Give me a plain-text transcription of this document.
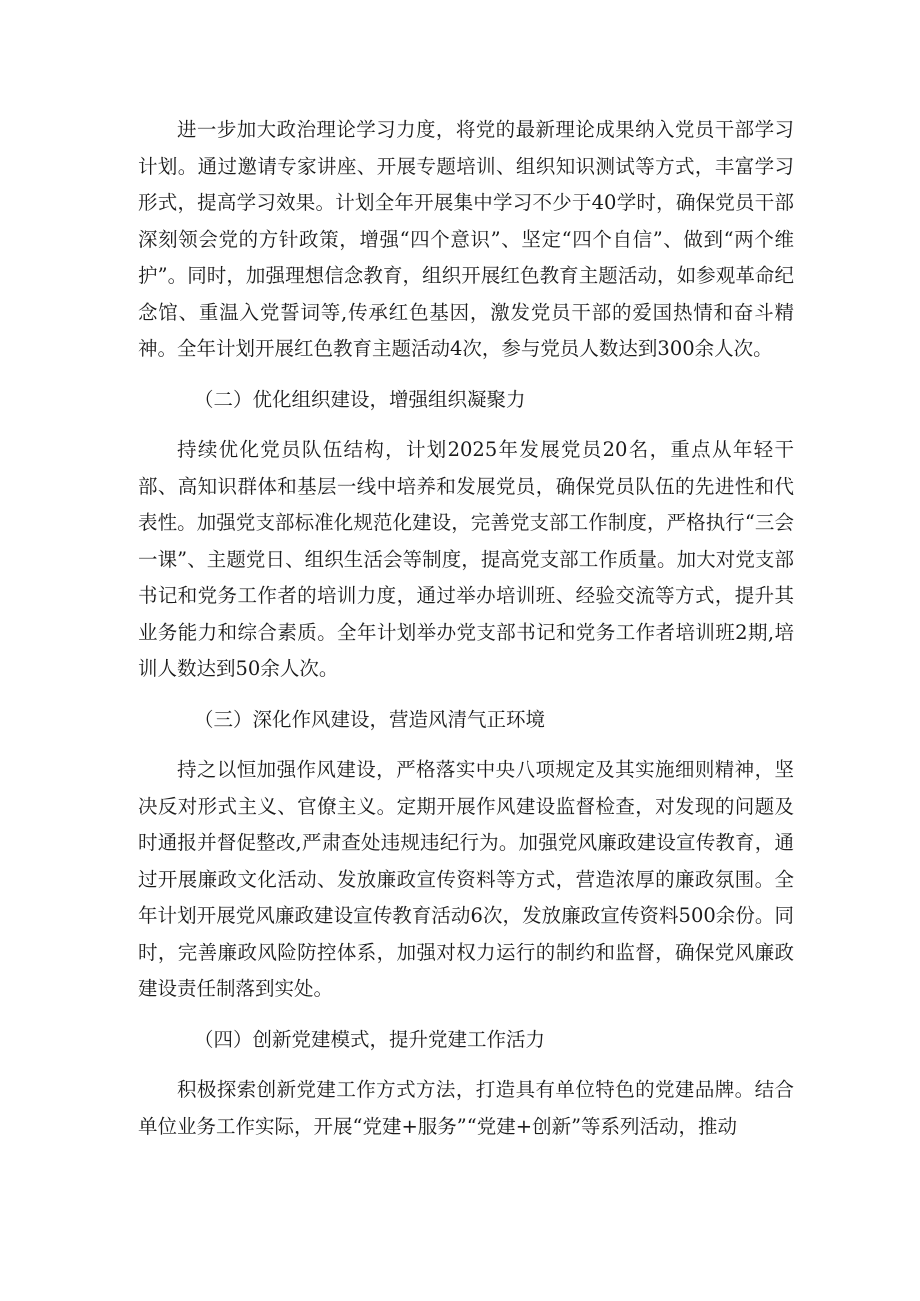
进一步加大政治理论学习力度，将党的最新理论成果纳入党员干部学习计划。通过邀请专家讲座、开展专题培训、组织知识测试等方式，丰富学习形式，提高学习效果。计划全年开展集中学习不少于40学时，确保党员干部深刻领会党的方针政策，增强“四个意识”、坚定“四个自信”、做到“两个维护”。同时，加强理想信念教育，组织开展红色教育主题活动，如参观革命纪念馆、重温入党誓词等,传承红色基因，激发党员干部的爱国热情和奋斗精神。全年计划开展红色教育主题活动4次，参与党员人数达到300余人次。

（二）优化组织建设，增强组织凝聚力

持续优化党员队伍结构，计划2025年发展党员20名，重点从年轻干部、高知识群体和基层一线中培养和发展党员，确保党员队伍的先进性和代表性。加强党支部标准化规范化建设，完善党支部工作制度，严格执行“三会一课”、主题党日、组织生活会等制度，提高党支部工作质量。加大对党支部书记和党务工作者的培训力度，通过举办培训班、经验交流等方式，提升其业务能力和综合素质。全年计划举办党支部书记和党务工作者培训班2期,培训人数达到50余人次。

（三）深化作风建设，营造风清气正环境

持之以恒加强作风建设，严格落实中央八项规定及其实施细则精神，坚决反对形式主义、官僚主义。定期开展作风建设监督检查，对发现的问题及时通报并督促整改,严肃查处违规违纪行为。加强党风廉政建设宣传教育，通过开展廉政文化活动、发放廉政宣传资料等方式，营造浓厚的廉政氛围。全年计划开展党风廉政建设宣传教育活动6次，发放廉政宣传资料500余份。同时，完善廉政风险防控体系，加强对权力运行的制约和监督，确保党风廉政建设责任制落到实处。

（四）创新党建模式，提升党建工作活力

积极探索创新党建工作方式方法，打造具有单位特色的党建品牌。结合单位业务工作实际，开展“党建+服务”“党建+创新”等系列活动，推动
